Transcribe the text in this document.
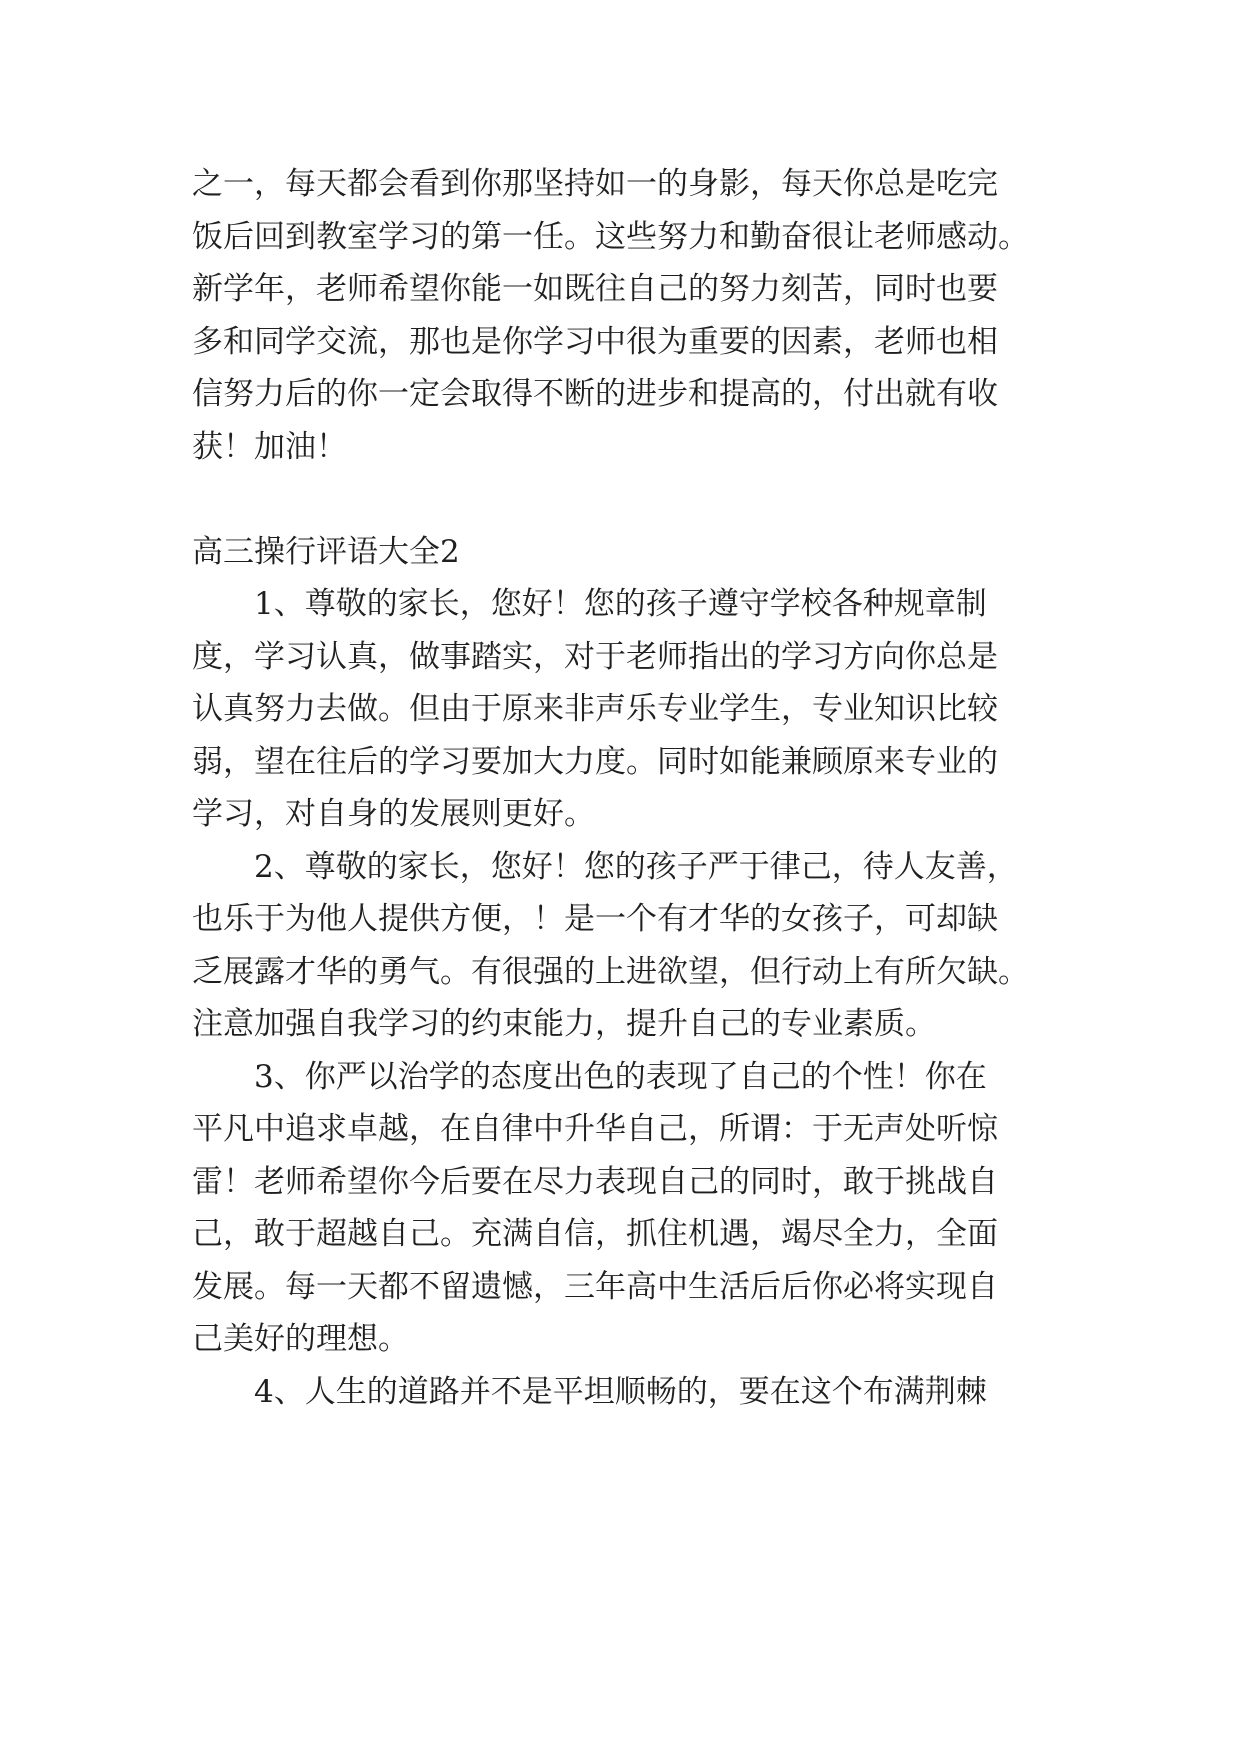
之一，每天都会看到你那坚持如一的身影，每天你总是吃完
饭后回到教室学习的第一任。这些努力和勤奋很让老师感动。
新学年，老师希望你能一如既往自己的努力刻苦，同时也要
多和同学交流，那也是你学习中很为重要的因素，老师也相
信努力后的你一定会取得不断的进步和提高的，付出就有收
获！加油！
高三操行评语大全2
1、尊敬的家长，您好！您的孩子遵守学校各种规章制
度，学习认真，做事踏实，对于老师指出的学习方向你总是
认真努力去做。但由于原来非声乐专业学生，专业知识比较
弱，望在往后的学习要加大力度。同时如能兼顾原来专业的
学习，对自身的发展则更好。
2、尊敬的家长，您好！您的孩子严于律己，待人友善，
也乐于为他人提供方便，！是一个有才华的女孩子，可却缺
乏展露才华的勇气。有很强的上进欲望，但行动上有所欠缺。
注意加强自我学习的约束能力，提升自己的专业素质。
3、你严以治学的态度出色的表现了自己的个性！你在
平凡中追求卓越，在自律中升华自己，所谓：于无声处听惊
雷！老师希望你今后要在尽力表现自己的同时，敢于挑战自
己，敢于超越自己。充满自信，抓住机遇，竭尽全力，全面
发展。每一天都不留遗憾，三年高中生活后后你必将实现自
己美好的理想。
4、人生的道路并不是平坦顺畅的，要在这个布满荆棘
